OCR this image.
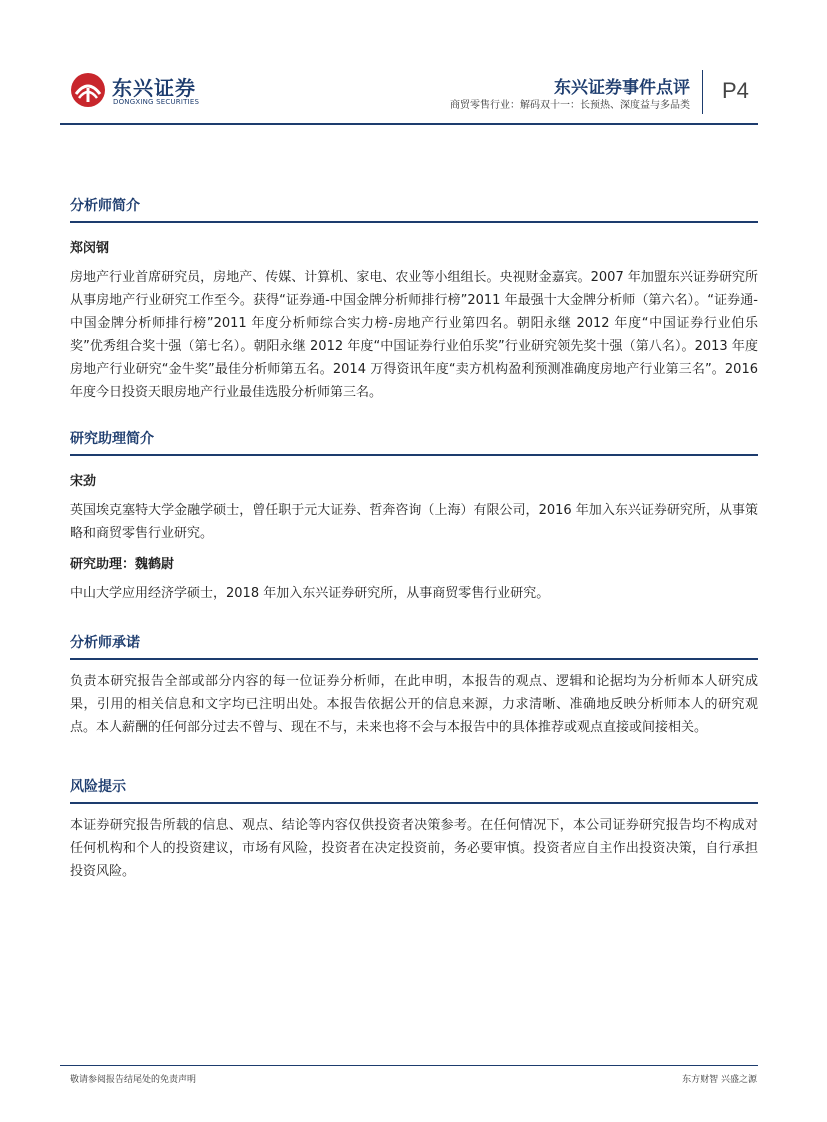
东兴证券
DONGXING SECURITIES
东兴证券事件点评
商贸零售行业：解码双十一：长预热、深度益与多品类
P4
分析师简介
郑闵钢
房地产行业首席研究员，房地产、传媒、计算机、家电、农业等小组组长。央视财金嘉宾。2007 年加盟东兴证券研究所从事房地产行业研究工作至今。获得“证券通-中国金牌分析师排行榜”2011 年最强十大金牌分析师（第六名）。“证券通-中国金牌分析师排行榜”2011 年度分析师综合实力榜-房地产行业第四名。朝阳永继 2012 年度“中国证券行业伯乐奖”优秀组合奖十强（第七名）。朝阳永继 2012 年度“中国证券行业伯乐奖”行业研究领先奖十强（第八名）。2013 年度房地产行业研究“金牛奖”最佳分析师第五名。2014 万得资讯年度“卖方机构盈利预测准确度房地产行业第三名”。2016 年度今日投资天眼房地产行业最佳选股分析师第三名。
研究助理简介
宋劲
英国埃克塞特大学金融学硕士，曾任职于元大证券、哲奔咨询（上海）有限公司，2016 年加入东兴证券研究所，从事策略和商贸零售行业研究。
研究助理：魏鹤尉
中山大学应用经济学硕士，2018 年加入东兴证券研究所，从事商贸零售行业研究。
分析师承诺
负责本研究报告全部或部分内容的每一位证券分析师，在此申明，本报告的观点、逻辑和论据均为分析师本人研究成果，引用的相关信息和文字均已注明出处。本报告依据公开的信息来源，力求清晰、准确地反映分析师本人的研究观点。本人薪酬的任何部分过去不曾与、现在不与，未来也将不会与本报告中的具体推荐或观点直接或间接相关。
风险提示
本证券研究报告所载的信息、观点、结论等内容仅供投资者决策参考。在任何情况下，本公司证券研究报告均不构成对任何机构和个人的投资建议，市场有风险，投资者在决定投资前，务必要审慎。投资者应自主作出投资决策，自行承担投资风险。
敬请参阅报告结尾处的免责声明	东方财智 兴盛之源
